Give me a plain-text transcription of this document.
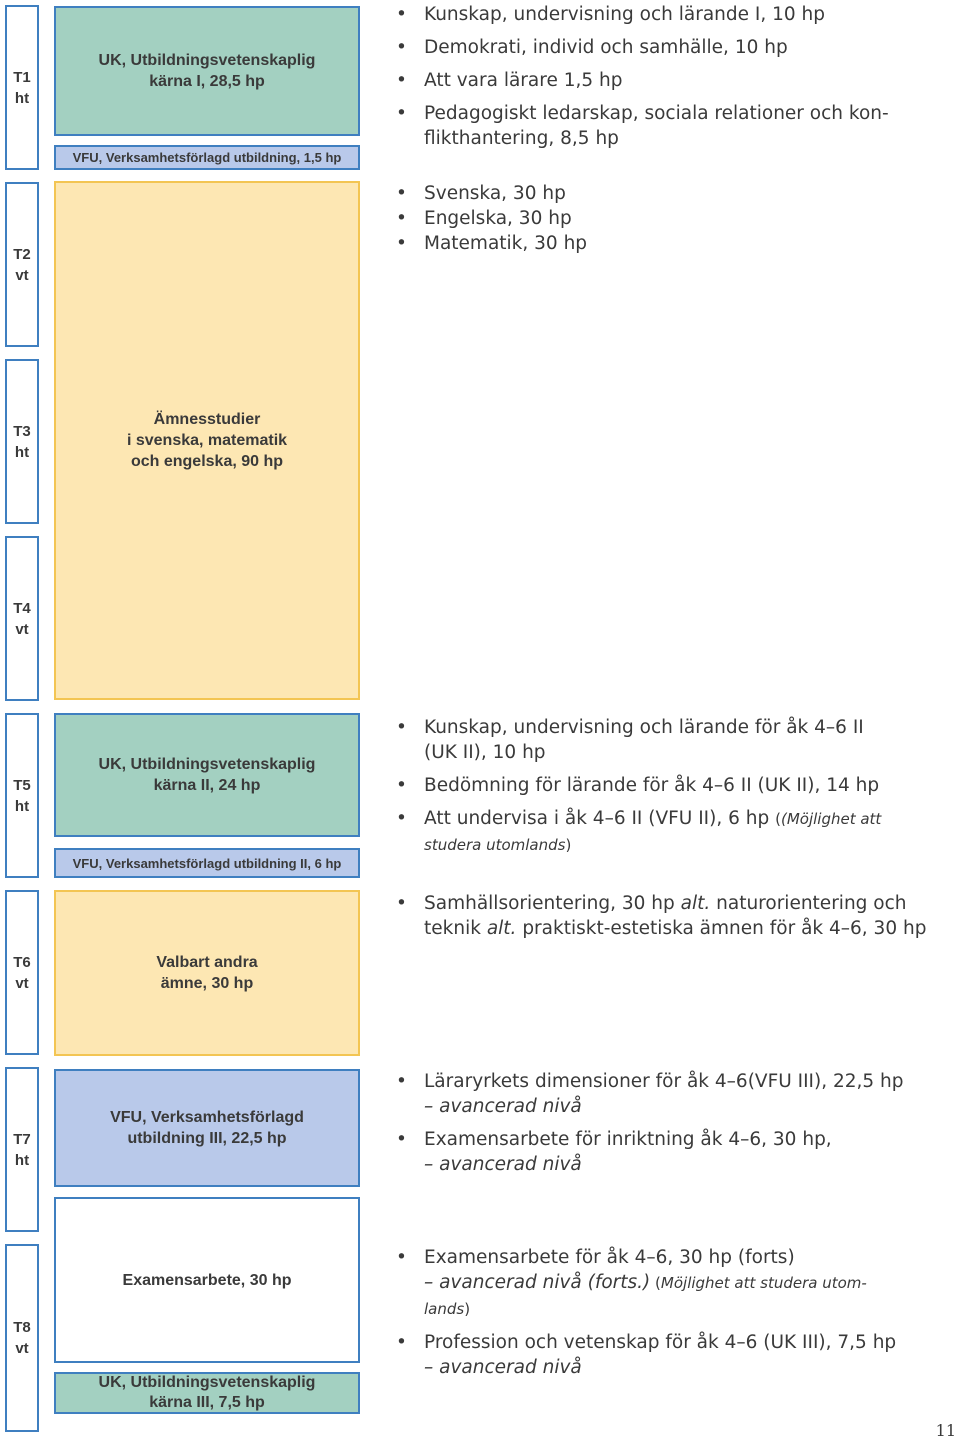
T1
ht
T2
vt
T3
ht
T4
vt
T5
ht
T6
vt
T7
ht
T8
vt
UK, Utbildningsvetenskaplig
kärna I, 28,5 hp
VFU, Verksamhetsförlagd utbildning, 1,5 hp
Ämnesstudier
i svenska, matematik
och engelska, 90 hp
UK, Utbildningsvetenskaplig
kärna II, 24 hp
VFU, Verksamhetsförlagd utbildning II, 6 hp
Valbart andra
ämne, 30 hp
VFU, Verksamhetsförlagd
utbildning III, 22,5 hp
Examensarbete, 30 hp
UK, Utbildningsvetenskaplig
kärna III, 7,5 hp
• Kunskap, undervisning och lärande I, 10 hp
• Demokrati, individ och samhälle, 10 hp
• Att vara lärare 1,5 hp
• Pedagogiskt ledarskap, sociala relationer och kon-
flikthantering, 8,5 hp
• Svenska, 30 hp
• Engelska, 30 hp
• Matematik, 30 hp
• Kunskap, undervisning och lärande för åk 4–6 II
(UK II), 10 hp
• Bedömning för lärande för åk 4–6 II (UK II), 14 hp
• Att undervisa i åk 4–6 II (VFU II), 6 hp ((Möjlighet att
studera utomlands)
• Samhällsorientering, 30 hp alt. naturorientering och
teknik alt. praktiskt-estetiska ämnen för åk 4–6, 30 hp
• Läraryrkets dimensioner för åk 4–6(VFU III), 22,5 hp
– avancerad nivå
• Examensarbete för inriktning åk 4–6, 30 hp,
– avancerad nivå
• Examensarbete för åk 4–6, 30 hp (forts)
– avancerad nivå (forts.) (Möjlighet att studera utom-
lands)
• Profession och vetenskap för åk 4–6 (UK III), 7,5 hp
– avancerad nivå
11
